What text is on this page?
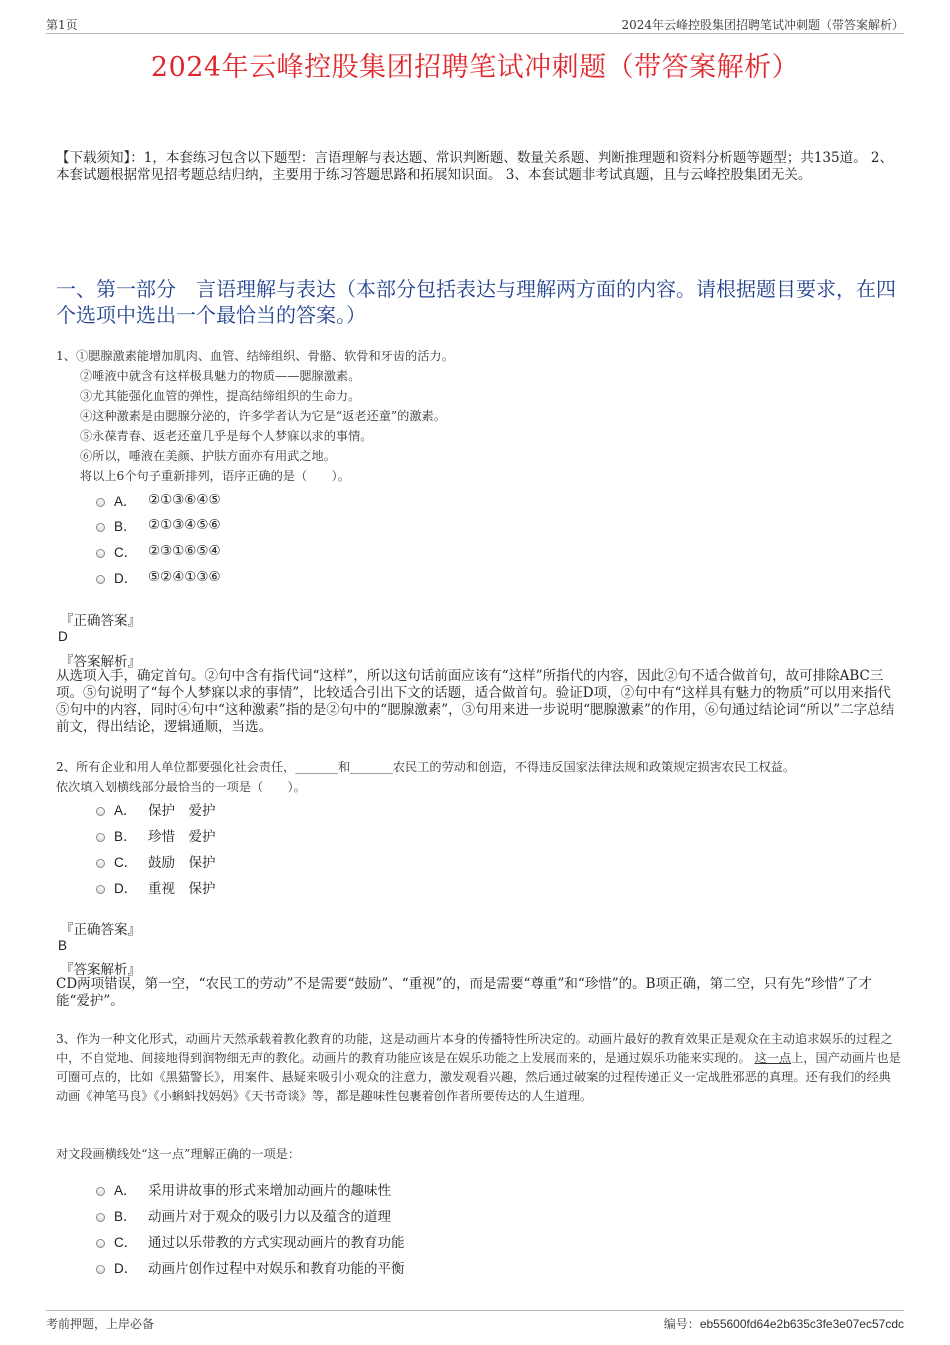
第1页	2024年云峰控股集团招聘笔试冲刺题（带答案解析）
2024年云峰控股集团招聘笔试冲刺题（带答案解析）
【下载须知】：1，本套练习包含以下题型：言语理解与表达题、常识判断题、数量关系题、判断推理题和资料分析题等题型；共135道。 2、本套试题根据常见招考题总结归纳，主要用于练习答题思路和拓展知识面。 3、本套试题非考试真题，且与云峰控股集团无关。
一、第一部分　言语理解与表达（本部分包括表达与理解两方面的内容。请根据题目要求，在四个选项中选出一个最恰当的答案。）
1、①腮腺激素能增加肌肉、血管、结缔组织、骨骼、软骨和牙齿的活力。
②唾液中就含有这样极具魅力的物质——腮腺激素。
③尤其能强化血管的弹性，提高结缔组织的生命力。
④这种激素是由腮腺分泌的，许多学者认为它是“返老还童”的激素。
⑤永葆青春、返老还童几乎是每个人梦寐以求的事情。
⑥所以，唾液在美颜、护肤方面亦有用武之地。
将以上6个句子重新排列，语序正确的是（　　）。
A． ②①③⑥④⑤
B． ②①③④⑤⑥
C． ②③①⑥⑤④
D． ⑤②④①③⑥
『正确答案』
D
『答案解析』
从选项入手，确定首句。②句中含有指代词“这样”，所以这句话前面应该有“这样”所指代的内容，因此②句不适合做首句，故可排除ABC三项。⑤句说明了“每个人梦寐以求的事情”，比较适合引出下文的话题，适合做首句。验证D项，②句中有“这样具有魅力的物质”可以用来指代⑤句中的内容，同时④句中“这种激素”指的是②句中的“腮腺激素”，③句用来进一步说明“腮腺激素”的作用，⑥句通过结论词“所以”二字总结前文，得出结论，逻辑通顺，当选。
2、所有企业和用人单位都要强化社会责任，_______和_______农民工的劳动和创造，不得违反国家法律法规和政策规定损害农民工权益。
依次填入划横线部分最恰当的一项是（　　）。
A． 保护　爱护
B． 珍惜　爱护
C． 鼓励　保护
D． 重视　保护
『正确答案』
B
『答案解析』
CD两项错误，第一空，“农民工的劳动”不是需要“鼓励”、“重视”的，而是需要“尊重”和“珍惜”的。B项正确，第二空，只有先“珍惜”了才能“爱护”。
3、作为一种文化形式，动画片天然承载着教化教育的功能，这是动画片本身的传播特性所决定的。动画片最好的教育效果正是观众在主动追求娱乐的过程之中，不自觉地、间接地得到润物细无声的教化。动画片的教育功能应该是在娱乐功能之上发展而来的，是通过娱乐功能来实现的。 这一点上，国产动画片也是可圈可点的，比如《黑猫警长》，用案件、悬疑来吸引小观众的注意力，激发观看兴趣，然后通过破案的过程传递正义一定战胜邪恶的真理。还有我们的经典动画《神笔马良》《小蝌蚪找妈妈》《天书奇谈》等，都是趣味性包裹着创作者所要传达的人生道理。
对文段画横线处“这一点”理解正确的一项是：
A． 采用讲故事的形式来增加动画片的趣味性
B． 动画片对于观众的吸引力以及蕴含的道理
C． 通过以乐带教的方式实现动画片的教育功能
D． 动画片创作过程中对娱乐和教育功能的平衡
考前押题，上岸必备	编号：eb55600fd64e2b635c3fe3e07ec57cdc
